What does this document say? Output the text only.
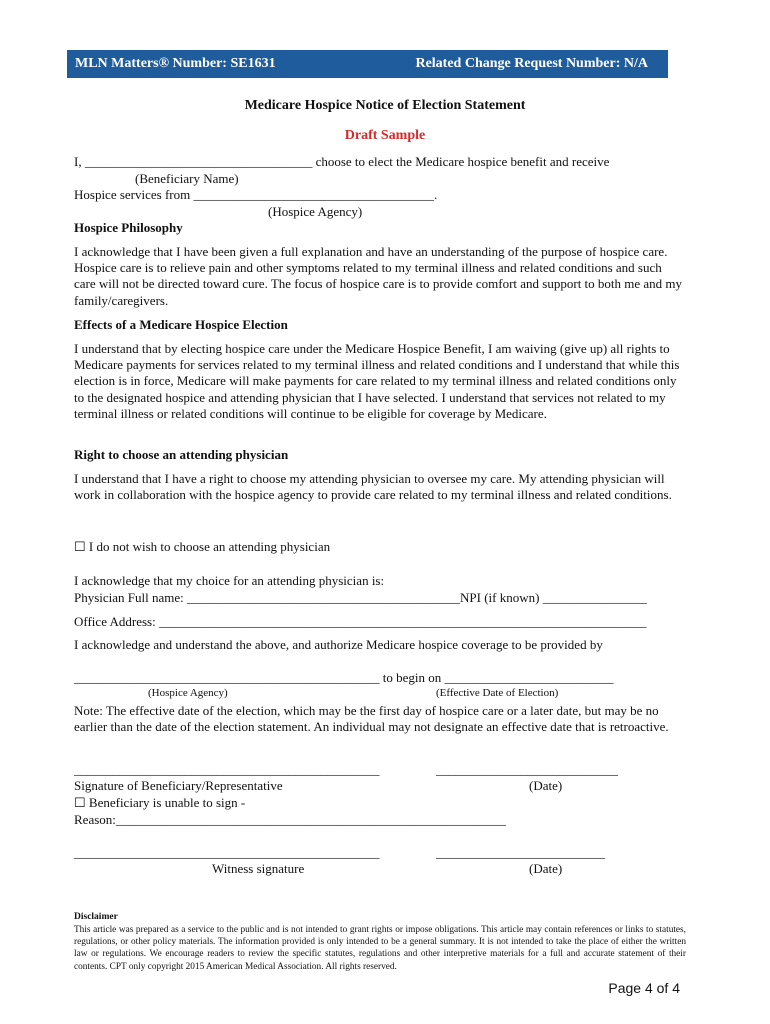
MLN Matters® Number: SE1631	Related Change Request Number: N/A
Medicare Hospice Notice of Election Statement
Draft Sample
I, ___________________________________ choose to elect the Medicare hospice benefit and receive
(Beneficiary Name)
Hospice services from _____________________________________.
(Hospice Agency)
Hospice Philosophy
I acknowledge that I have been given a full explanation and have an understanding of the purpose of hospice care. Hospice care is to relieve pain and other symptoms related to my terminal illness and related conditions and such care will not be directed toward cure. The focus of hospice care is to provide comfort and support to both me and my family/caregivers.
Effects of a Medicare Hospice Election
I understand that by electing hospice care under the Medicare Hospice Benefit, I am waiving (give up) all rights to Medicare payments for services related to my terminal illness and related conditions and I understand that while this election is in force, Medicare will make payments for care related to my terminal illness and related conditions only to the designated hospice and attending physician that I have selected. I understand that services not related to my terminal illness or related conditions will continue to be eligible for coverage by Medicare.
Right to choose an attending physician
I understand that I have a right to choose my attending physician to oversee my care. My attending physician will work in collaboration with the hospice agency to provide care related to my terminal illness and related conditions.
☐ I do not wish to choose an attending physician
I acknowledge that my choice for an attending physician is:
Physician Full name: __________________________________________NPI (if known) ________________
Office Address: ___________________________________________________________________________
I acknowledge and understand the above, and authorize Medicare hospice coverage to be provided by
_______________________________________________ to begin on __________________________
(Hospice Agency)	(Effective Date of Election)
Note: The effective date of the election, which may be the first day of hospice care or a later date, but may be no earlier than the date of the election statement. An individual may not designate an effective date that is retroactive.
_______________________________________________	____________________________
Signature of Beneficiary/Representative	(Date)
☐ Beneficiary is unable to sign -
Reason:____________________________________________________________
_______________________________________________	__________________________
Witness signature	(Date)
Disclaimer
This article was prepared as a service to the public and is not intended to grant rights or impose obligations. This article may contain references or links to statutes, regulations, or other policy materials. The information provided is only intended to be a general summary. It is not intended to take the place of either the written law or regulations. We encourage readers to review the specific statutes, regulations and other interpretive materials for a full and accurate statement of their contents. CPT only copyright 2015 American Medical Association. All rights reserved.
Page 4 of 4
